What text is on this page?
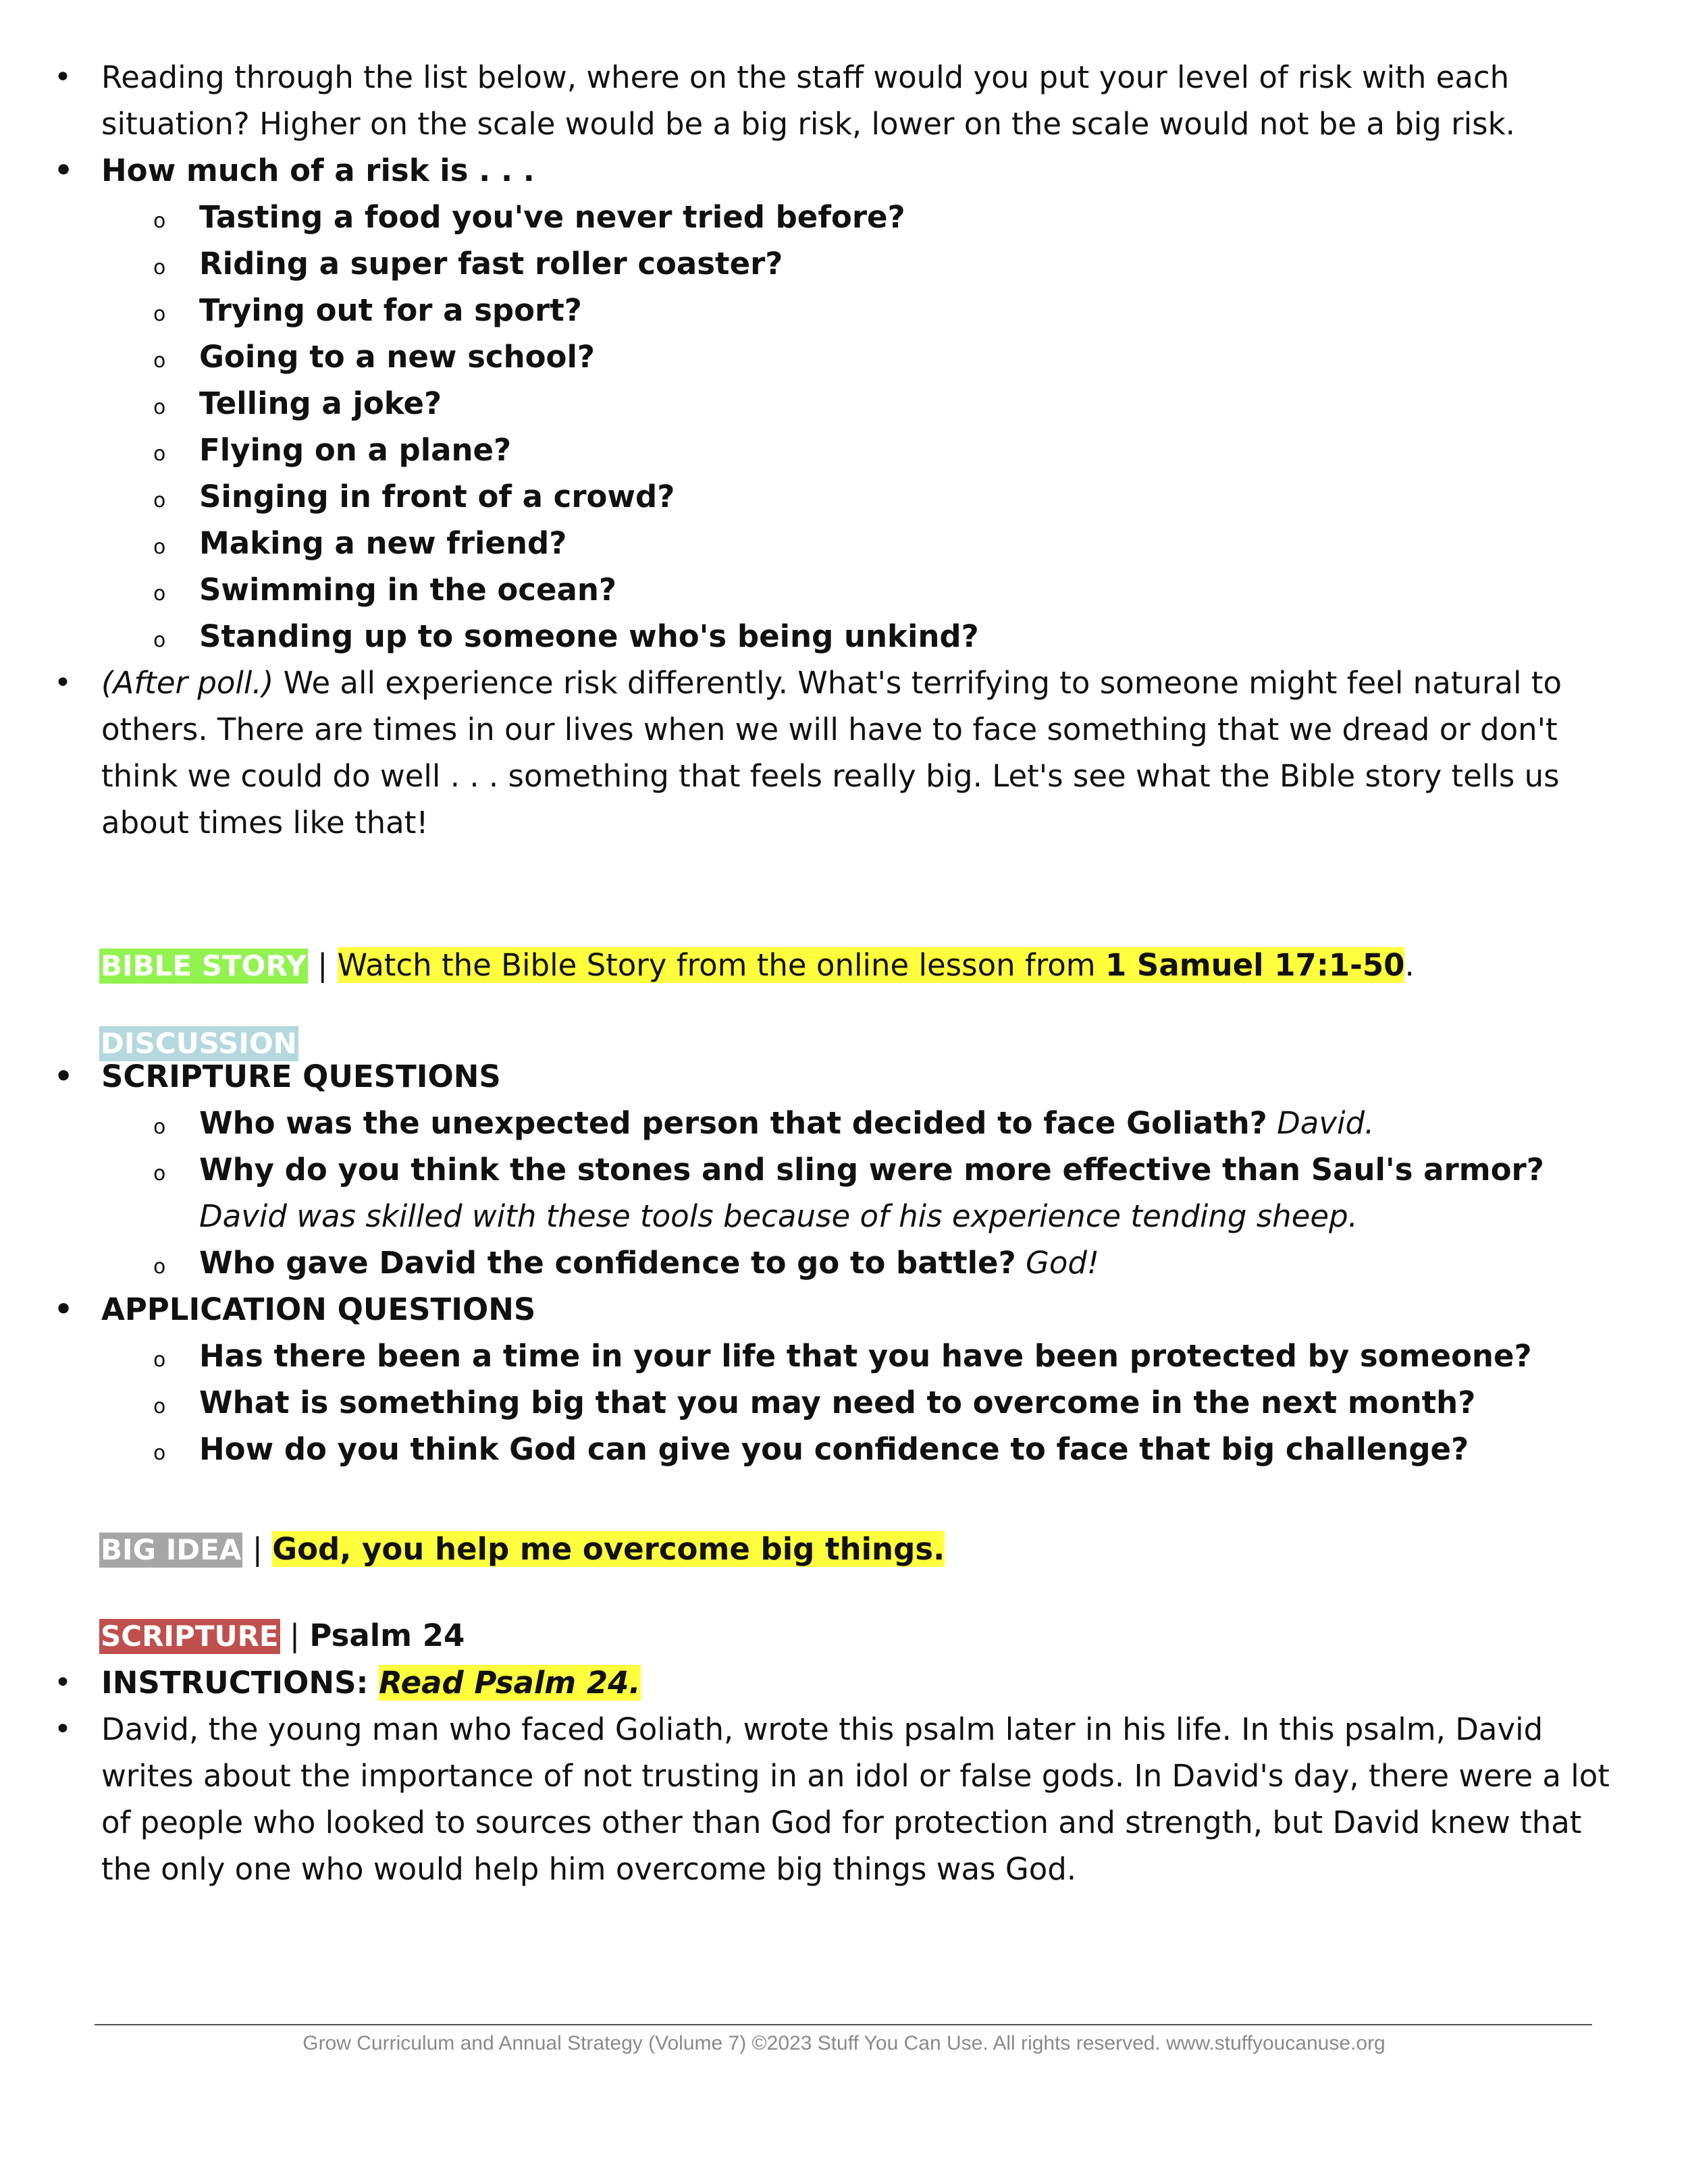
• Reading through the list below, where on the staff would you put your level of risk with each situation? Higher on the scale would be a big risk, lower on the scale would not be a big risk.
• How much of a risk is . . .
o Tasting a food you've never tried before?
o Riding a super fast roller coaster?
o Trying out for a sport?
o Going to a new school?
o Telling a joke?
o Flying on a plane?
o Singing in front of a crowd?
o Making a new friend?
o Swimming in the ocean?
o Standing up to someone who's being unkind?
• (After poll.) We all experience risk differently. What's terrifying to someone might feel natural to others. There are times in our lives when we will have to face something that we dread or don't think we could do well . . . something that feels really big. Let's see what the Bible story tells us about times like that!
BIBLE STORY | Watch the Bible Story from the online lesson from 1 Samuel 17:1-50.
DISCUSSION
• SCRIPTURE QUESTIONS
o Who was the unexpected person that decided to face Goliath? David.
o Why do you think the stones and sling were more effective than Saul's armor? David was skilled with these tools because of his experience tending sheep.
o Who gave David the confidence to go to battle? God!
• APPLICATION QUESTIONS
o Has there been a time in your life that you have been protected by someone?
o What is something big that you may need to overcome in the next month?
o How do you think God can give you confidence to face that big challenge?
BIG IDEA | God, you help me overcome big things.
SCRIPTURE | Psalm 24
• INSTRUCTIONS: Read Psalm 24.
• David, the young man who faced Goliath, wrote this psalm later in his life. In this psalm, David writes about the importance of not trusting in an idol or false gods. In David's day, there were a lot of people who looked to sources other than God for protection and strength, but David knew that the only one who would help him overcome big things was God.
Grow Curriculum and Annual Strategy (Volume 7) ©2023 Stuff You Can Use. All rights reserved. www.stuffyoucanuse.org
